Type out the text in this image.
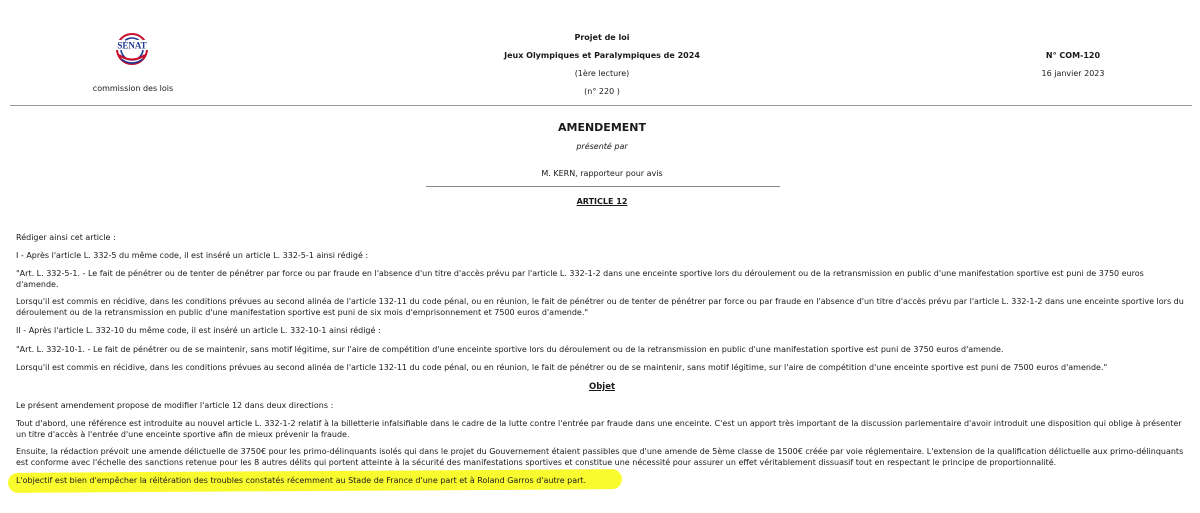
SÉNAT
commission des lois
Projet de loi
Jeux Olympiques et Paralympiques de 2024
(1ère lecture)
(n° 220 )
N° COM-120
16 janvier 2023
AMENDEMENT
présenté par
M. KERN, rapporteur pour avis
ARTICLE 12
Rédiger ainsi cet article :
I - Après l'article L. 332-5 du même code, il est inséré un article L. 332-5-1 ainsi rédigé :
"Art. L. 332-5-1. - Le fait de pénétrer ou de tenter de pénétrer par force ou par fraude en l'absence d'un titre d'accès prévu par l'article L. 332-1-2 dans une enceinte sportive lors du déroulement ou de la retransmission en public d'une manifestation sportive est puni de 3750 euros d'amende.
Lorsqu'il est commis en récidive, dans les conditions prévues au second alinéa de l'article 132-11 du code pénal, ou en réunion, le fait de pénétrer ou de tenter de pénétrer par force ou par fraude en l'absence d'un titre d'accès prévu par l'article L. 332-1-2 dans une enceinte sportive lors du déroulement ou de la retransmission en public d'une manifestation sportive est puni de six mois d'emprisonnement et 7500 euros d'amende."
II - Après l'article L. 332-10 du même code, il est inséré un article L. 332-10-1 ainsi rédigé :
"Art. L. 332-10-1. - Le fait de pénétrer ou de se maintenir, sans motif légitime, sur l'aire de compétition d'une enceinte sportive lors du déroulement ou de la retransmission en public d'une manifestation sportive est puni de 3750 euros d'amende.
Lorsqu'il est commis en récidive, dans les conditions prévues au second alinéa de l'article 132-11 du code pénal, ou en réunion, le fait de pénétrer ou de se maintenir, sans motif légitime, sur l'aire de compétition d'une enceinte sportive est puni de 7500 euros d'amende."
Objet
Le présent amendement propose de modifier l'article 12 dans deux directions :
Tout d'abord, une référence est introduite au nouvel article L. 332-1-2 relatif à la billetterie infalsifiable dans le cadre de la lutte contre l'entrée par fraude dans une enceinte. C'est un apport très important de la discussion parlementaire d'avoir introduit une disposition qui oblige à présenter un titre d'accès à l'entrée d'une enceinte sportive afin de mieux prévenir la fraude.
Ensuite, la rédaction prévoit une amende délictuelle de 3750€ pour les primo-délinquants isolés qui dans le projet du Gouvernement étaient passibles que d'une amende de 5ème classe de 1500€ créée par voie réglementaire. L'extension de la qualification délictuelle aux primo-délinquants est conforme avec l'échelle des sanctions retenue pour les 8 autres délits qui portent atteinte à la sécurité des manifestations sportives et constitue une nécessité pour assurer un effet véritablement dissuasif tout en respectant le principe de proportionnalité.
L'objectif est bien d'empêcher la réitération des troubles constatés récemment au Stade de France d'une part et à Roland Garros d'autre part.
